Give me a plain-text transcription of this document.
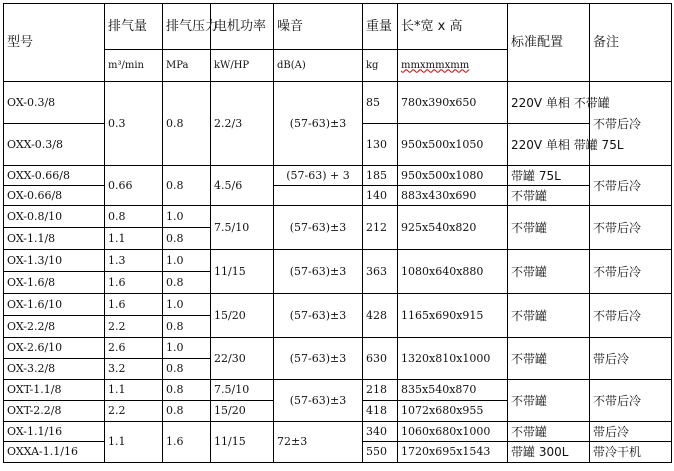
型号	排气量	排气压力	电机功率	噪音	重量	长*宽 x 高	标准配置	备注
	m³/min	MPa	kW/HP	dB(A)	kg	mmxmmxmm		
OX-0.3/8	0.3	0.8	2.2/3	(57-63)±3	85	780x390x650	220V 单相 不带罐	不带后冷
OXX-0.3/8					130	950x500x1050	220V 单相 带罐 75L	
OXX-0.66/8	0.66	0.8	4.5/6	(57-63) + 3	185	950x500x1080	带罐 75L	不带后冷
OX-0.66/8					140	883x430x690	不带罐	
OX-0.8/10	0.8	1.0	7.5/10	(57-63)±3	212	925x540x820	不带罐	不带后冷
OX-1.1/8	1.1	0.8						
OX-1.3/10	1.3	1.0	11/15	(57-63)±3	363	1080x640x880	不带罐	不带后冷
OX-1.6/8	1.6	0.8						
OX-1.6/10	1.6	1.0	15/20	(57-63)±3	428	1165x690x915	不带罐	不带后冷
OX-2.2/8	2.2	0.8						
OX-2.6/10	2.6	1.0	22/30	(57-63)±3	630	1320x810x1000	不带罐	带后冷
OX-3.2/8	3.2	0.8						
OXT-1.1/8	1.1	0.8	7.5/10	(57-63)±3	218	835x540x870	不带罐	不带后冷
OXT-2.2/8	2.2	0.8	15/20		418	1072x680x955		
OX-1.1/16	1.1	1.6	11/15	72±3	340	1060x680x1000	不带罐	带后冷
OXXA-1.1/16					550	1720x695x1543	带罐 300L	带冷干机
